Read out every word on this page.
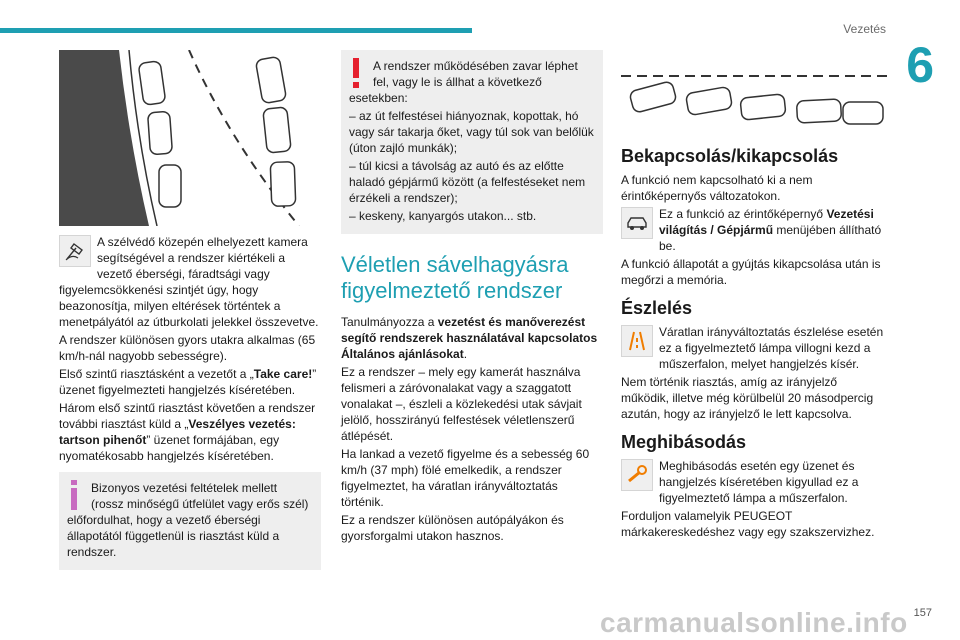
Vezetés
6

A szélvédő közepén elhelyezett kamera segítségével a rendszer kiértékeli a vezető éberségi, fáradtsági vagy figyelemcsökkenési szintjét úgy, hogy beazonosítja, milyen eltérések történtek a menetpályától az útburkolati jelekkel összevetve.

A rendszer különösen gyors utakra alkalmas (65 km/h-nál nagyobb sebességre).

Első szintű riasztásként a vezetőt a „Take care!” üzenet figyelmezteti hangjelzés kíséretében.

Három első szintű riasztást követően a rendszer további riasztást küld a „Veszélyes vezetés: tartson pihenőt” üzenet formájában, egy nyomatékosabb hangjelzés kíséretében.

Bizonyos vezetési feltételek mellett (rossz minőségű útfelület vagy erős szél) előfordulhat, hogy a vezető éberségi állapotától függetlenül is riasztást küld a rendszer.

A rendszer működésében zavar léphet fel, vagy le is állhat a következő esetekben:

– az út felfestései hiányoznak, kopottak, hó vagy sár takarja őket, vagy túl sok van belőlük (úton zajló munkák);

– túl kicsi a távolság az autó és az előtte haladó gépjármű között (a felfestéseket nem érzékeli a rendszer);

– keskeny, kanyargós utakon... stb.

Véletlen sávelhagyásra figyelmeztető rendszer

Tanulmányozza a vezetést és manőverezést segítő rendszerek használatával kapcsolatos Általános ajánlásokat.

Ez a rendszer – mely egy kamerát használva felismeri a záróvonalakat vagy a szaggatott vonalakat –, észleli a közlekedési utak sávjait jelölő, hosszirányú felfestések véletlenszerű átlépését.

Ha lankad a vezető figyelme és a sebesség 60 km/h (37 mph) fölé emelkedik, a rendszer figyelmeztet, ha váratlan irányváltoztatás történik.

Ez a rendszer különösen autópályákon és gyorsforgalmi utakon hasznos.

Bekapcsolás/kikapcsolás

A funkció nem kapcsolható ki a nem érintőképernyős változatokon.

Ez a funkció az érintőképernyő Vezetési világítás / Gépjármű menüjében állítható be.

A funkció állapotát a gyújtás kikapcsolása után is megőrzi a memória.

Észlelés

Váratlan irányváltoztatás észlelése esetén ez a figyelmeztető lámpa villogni kezd a műszerfalon, melyet hangjelzés kísér.

Nem történik riasztás, amíg az irányjelző működik, illetve még körülbelül 20 másodpercig azután, hogy az irányjelző le lett kapcsolva.

Meghibásodás

Meghibásodás esetén egy üzenet és hangjelzés kíséretében kigyullad ez a figyelmeztető lámpa a műszerfalon.

Forduljon valamelyik PEUGEOT márkakereskedéshez vagy egy szakszervizhez.

carmanualsonline.info 157
